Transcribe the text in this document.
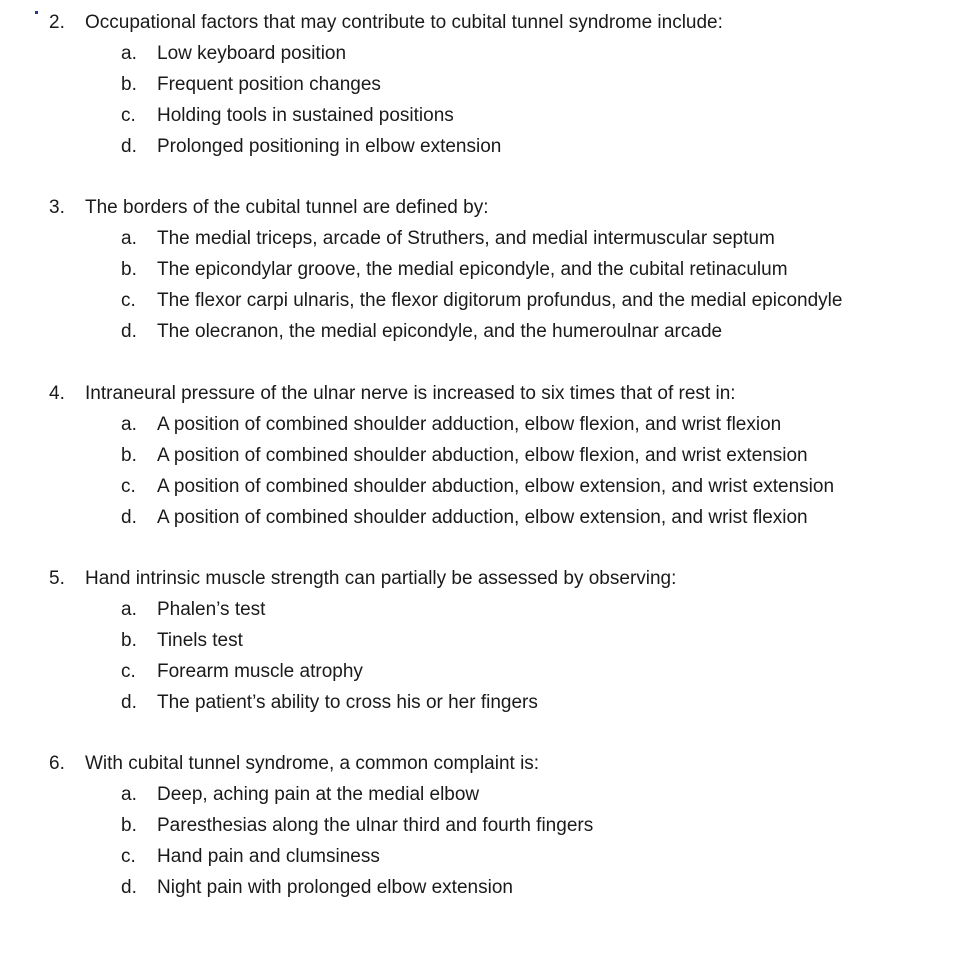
2. Occupational factors that may contribute to cubital tunnel syndrome include:
a. Low keyboard position
b. Frequent position changes
c. Holding tools in sustained positions
d. Prolonged positioning in elbow extension
3. The borders of the cubital tunnel are defined by:
a. The medial triceps, arcade of Struthers, and medial intermuscular septum
b. The epicondylar groove, the medial epicondyle, and the cubital retinaculum
c. The flexor carpi ulnaris, the flexor digitorum profundus, and the medial epicondyle
d. The olecranon, the medial epicondyle, and the humeroulnar arcade
4. Intraneural pressure of the ulnar nerve is increased to six times that of rest in:
a. A position of combined shoulder adduction, elbow flexion, and wrist flexion
b. A position of combined shoulder abduction, elbow flexion, and wrist extension
c. A position of combined shoulder abduction, elbow extension, and wrist extension
d. A position of combined shoulder adduction, elbow extension, and wrist flexion
5. Hand intrinsic muscle strength can partially be assessed by observing:
a. Phalen’s test
b. Tinels test
c. Forearm muscle atrophy
d. The patient’s ability to cross his or her fingers
6. With cubital tunnel syndrome, a common complaint is:
a. Deep, aching pain at the medial elbow
b. Paresthesias along the ulnar third and fourth fingers
c. Hand pain and clumsiness
d. Night pain with prolonged elbow extension
